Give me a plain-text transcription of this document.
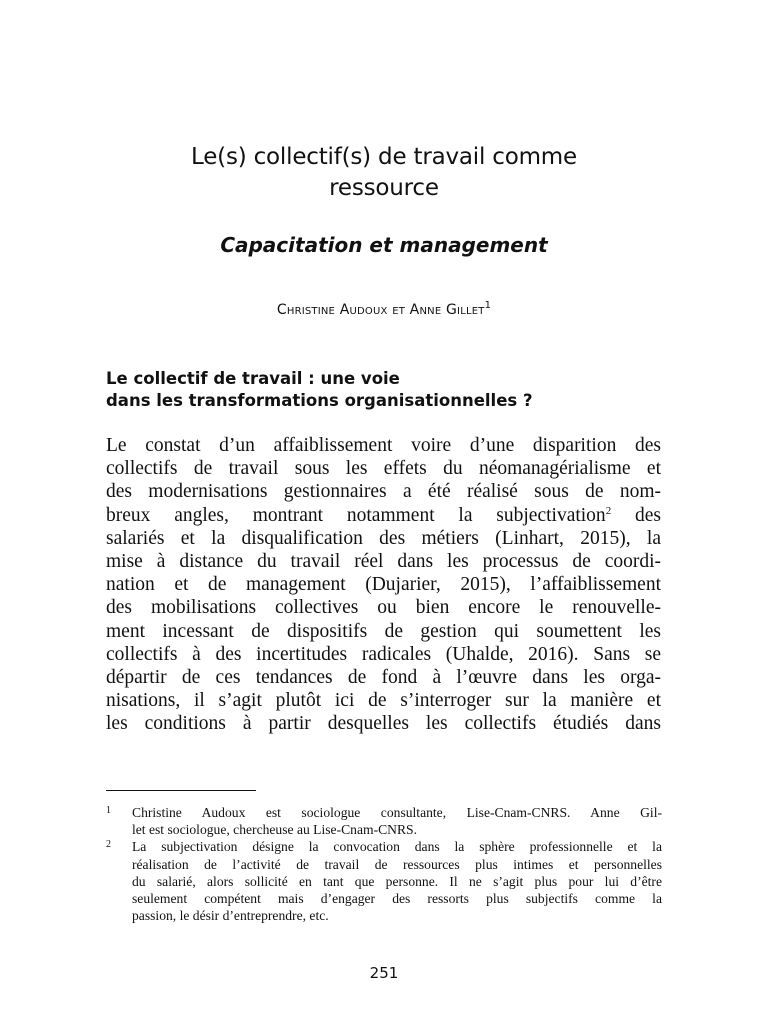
Le(s) collectif(s) de travail comme
ressource
Capacitation et management
Christine Audoux et Anne Gillet$^1$
Le collectif de travail : une voie
dans les transformations organisationnelles ?
Le constat d’un affaiblissement voire d’une disparition des
collectifs de travail sous les effets du néomanagérialisme et
des modernisations gestionnaires a été réalisé sous de nom-
breux angles, montrant notamment la subjectivation$^2$ des
salariés et la disqualification des métiers (Linhart, 2015), la
mise à distance du travail réel dans les processus de coordi-
nation et de management (Dujarier, 2015), l’affaiblissement
des mobilisations collectives ou bien encore le renouvelle-
ment incessant de dispositifs de gestion qui soumettent les
collectifs à des incertitudes radicales (Uhalde, 2016). Sans se
départir de ces tendances de fond à l’œuvre dans les orga-
nisations, il s’agit plutôt ici de s’interroger sur la manière et
les conditions à partir desquelles les collectifs étudiés dans
1 Christine Audoux est sociologue consultante, Lise-Cnam-CNRS. Anne Gil-
let est sociologue, chercheuse au Lise-Cnam-CNRS.
2 La subjectivation désigne la convocation dans la sphère professionnelle et la
réalisation de l’activité de travail de ressources plus intimes et personnelles
du salarié, alors sollicité en tant que personne. Il ne s’agit plus pour lui d’être
seulement compétent mais d’engager des ressorts plus subjectifs comme la
passion, le désir d’entreprendre, etc.
251
